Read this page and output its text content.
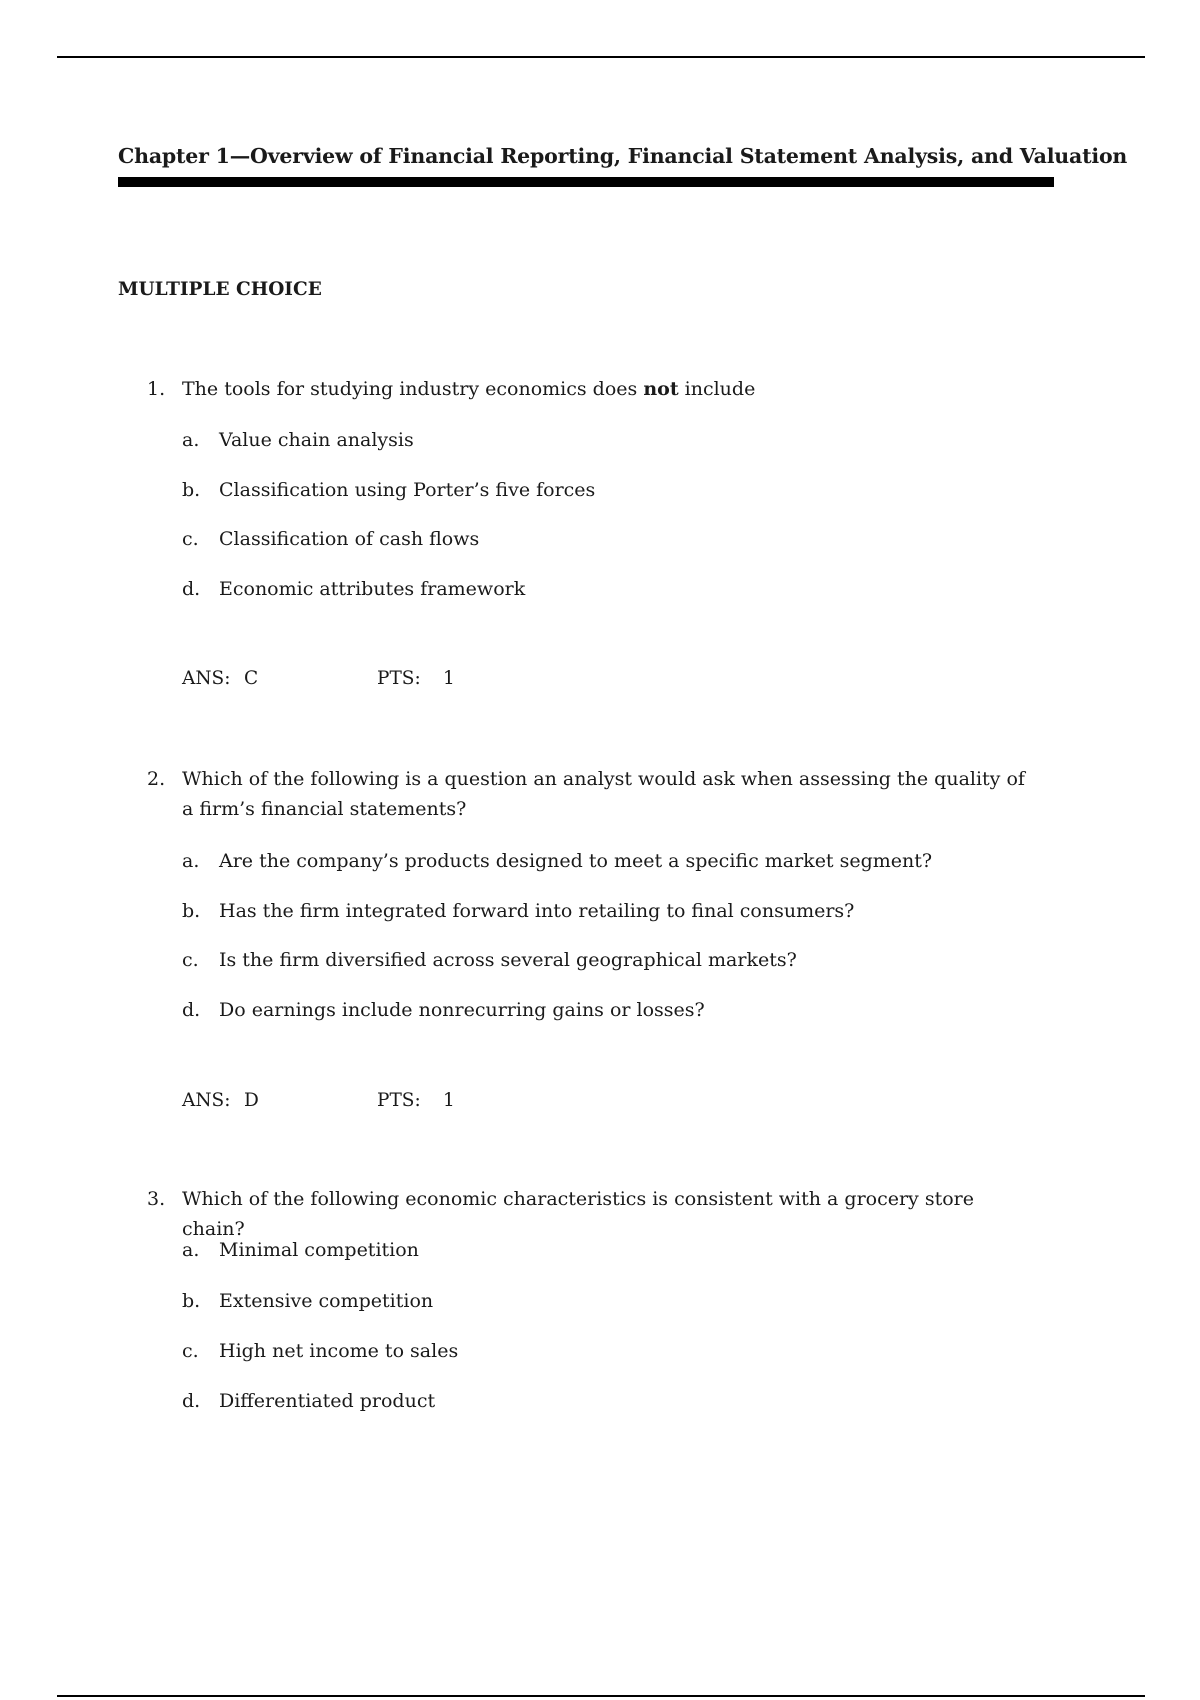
Chapter 1—Overview of Financial Reporting, Financial Statement Analysis, and Valuation
MULTIPLE CHOICE
1. The tools for studying industry economics does not include
a. Value chain analysis
b. Classification using Porter’s five forces
c. Classification of cash flows
d. Economic attributes framework
ANS: C	PTS: 1
2. Which of the following is a question an analyst would ask when assessing the quality of a firm’s financial statements?
a. Are the company’s products designed to meet a specific market segment?
b. Has the firm integrated forward into retailing to final consumers?
c. Is the firm diversified across several geographical markets?
d. Do earnings include nonrecurring gains or losses?
ANS: D	PTS: 1
3. Which of the following economic characteristics is consistent with a grocery store chain?
a. Minimal competition
b. Extensive competition
c. High net income to sales
d. Differentiated product
